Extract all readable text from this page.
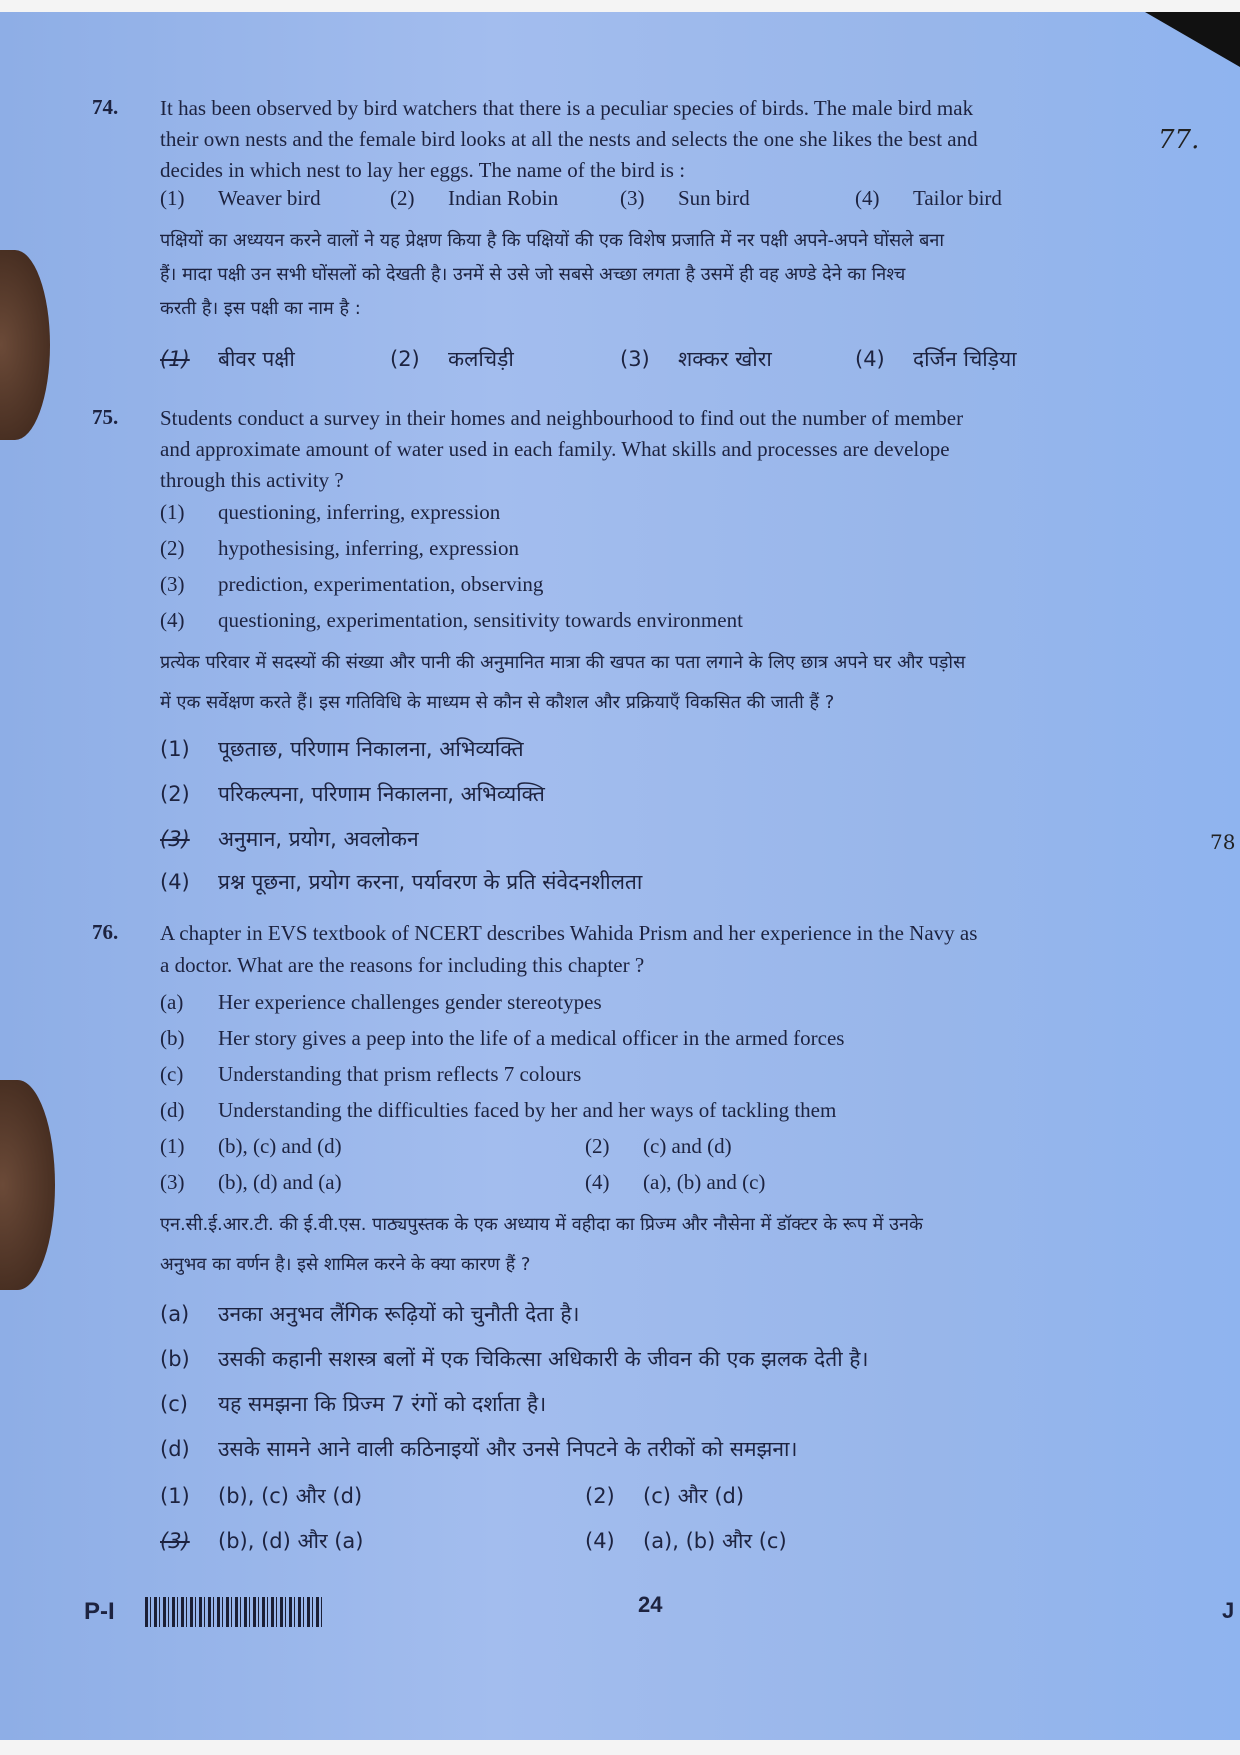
74. It has been observed by bird watchers that there is a peculiar species of birds. The male bird mak
their own nests and the female bird looks at all the nests and selects the one she likes the best and
decides in which nest to lay her eggs. The name of the bird is :
(1) Weaver bird	(2) Indian Robin	(3) Sun bird	(4) Tailor bird
पक्षियों का अध्ययन करने वालों ने यह प्रेक्षण किया है कि पक्षियों की एक विशेष प्रजाति में नर पक्षी अपने-अपने घोंसले बना
हैं। मादा पक्षी उन सभी घोंसलों को देखती है। उनमें से उसे जो सबसे अच्छा लगता है उसमें ही वह अण्डे देने का निश्च
करती है। इस पक्षी का नाम है :
(1) बीवर पक्षी	(2) कलचिड़ी	(3) शक्कर खोरा	(4) दर्जिन चिड़िया
75. Students conduct a survey in their homes and neighbourhood to find out the number of member
and approximate amount of water used in each family. What skills and processes are develope
through this activity ?
(1) questioning, inferring, expression
(2) hypothesising, inferring, expression
(3) prediction, experimentation, observing
(4) questioning, experimentation, sensitivity towards environment
प्रत्येक परिवार में सदस्यों की संख्या और पानी की अनुमानित मात्रा की खपत का पता लगाने के लिए छात्र अपने घर और पड़ोस
में एक सर्वेक्षण करते हैं। इस गतिविधि के माध्यम से कौन से कौशल और प्रक्रियाएँ विकसित की जाती हैं ?
(1) पूछताछ, परिणाम निकालना, अभिव्यक्ति
(2) परिकल्पना, परिणाम निकालना, अभिव्यक्ति
(3) अनुमान, प्रयोग, अवलोकन
(4) प्रश्न पूछना, प्रयोग करना, पर्यावरण के प्रति संवेदनशीलता
76. A chapter in EVS textbook of NCERT describes Wahida Prism and her experience in the Navy as
a doctor. What are the reasons for including this chapter ?
(a) Her experience challenges gender stereotypes
(b) Her story gives a peep into the life of a medical officer in the armed forces
(c) Understanding that prism reflects 7 colours
(d) Understanding the difficulties faced by her and her ways of tackling them
(1) (b), (c) and (d)	(2) (c) and (d)
(3) (b), (d) and (a)	(4) (a), (b) and (c)
एन.सी.ई.आर.टी. की ई.वी.एस. पाठ्यपुस्तक के एक अध्याय में वहीदा का प्रिज्म और नौसेना में डॉक्टर के रूप में उनके
अनुभव का वर्णन है। इसे शामिल करने के क्या कारण हैं ?
(a) उनका अनुभव लैंगिक रूढ़ियों को चुनौती देता है।
(b) उसकी कहानी सशस्त्र बलों में एक चिकित्सा अधिकारी के जीवन की एक झलक देती है।
(c) यह समझना कि प्रिज्म 7 रंगों को दर्शाता है।
(d) उसके सामने आने वाली कठिनाइयों और उनसे निपटने के तरीकों को समझना।
(1) (b), (c) और (d)	(2) (c) और (d)
(3) (b), (d) और (a)	(4) (a), (b) और (c)
77.
78
P-I	24	J
